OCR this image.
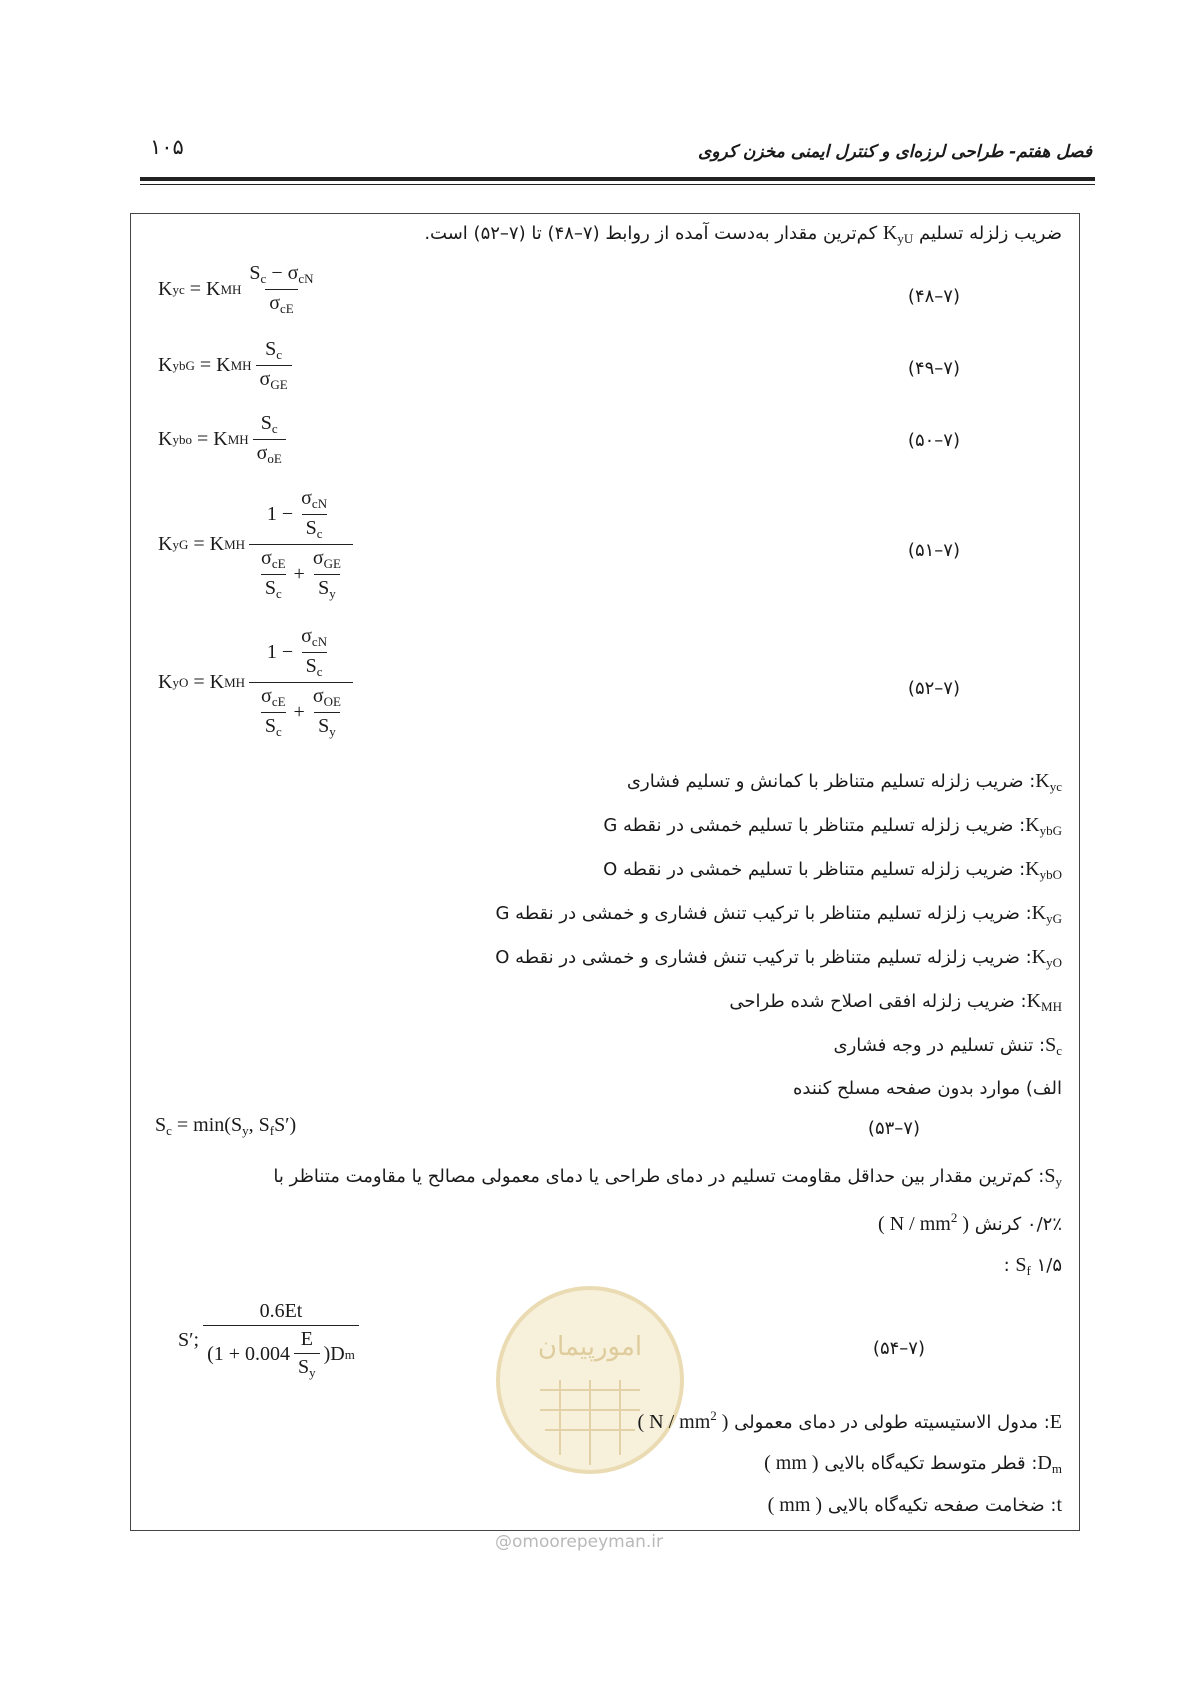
۱۰۵	فصل هفتم- طراحی لرزه‌ای و کنترل ایمنی مخزن کروی
ضریب زلزله تسلیم $K_{yU}$ کم‌ترین مقدار به‌دست آمده از روابط (۷–۴۸) تا (۷–۵۲) است.
K yc = K MH $\frac{S_c - \sigma_{cN}}{\sigma_{cE}}$	(۷–۴۸)
K ybG = K MH $\frac{S_c}{\sigma_{GE}}$	(۷–۴۹)
K ybo = K MH $\frac{S_c}{\sigma_{oE}}$	(۷–۵۰)
K yG = K MH $\frac{1 - \frac{\sigma_{cN}}{S_c}}{\frac{\sigma_{cE}}{S_c} + \frac{\sigma_{GE}}{S_y}}$	(۷–۵۱)
K yO = K MH $\frac{1 - \frac{\sigma_{cN}}{S_c}}{\frac{\sigma_{cE}}{S_c} + \frac{\sigma_{OE}}{S_y}}$	(۷–۵۲)
$K_{yc}$: ضریب زلزله تسلیم متناظر با کمانش و تسلیم فشاری
$K_{ybG}$: ضریب زلزله تسلیم متناظر با تسلیم خمشی در نقطه G
$K_{ybO}$: ضریب زلزله تسلیم متناظر با تسلیم خمشی در نقطه O
$K_{yG}$: ضریب زلزله تسلیم متناظر با ترکیب تنش فشاری و خمشی در نقطه G
$K_{yO}$: ضریب زلزله تسلیم متناظر با ترکیب تنش فشاری و خمشی در نقطه O
$K_{MH}$: ضریب زلزله افقی اصلاح شده طراحی
$S_c$: تنش تسلیم در وجه فشاری
الف) موارد بدون صفحه مسلح کننده
$S_c = \min(S_y$, $S_fS'$)	(۷–۵۳)
$S_y$: کم‌ترین مقدار بین حداقل مقاومت تسلیم در دمای طراحی یا دمای معمولی مصالح یا مقاومت متناظر با
۰/۲٪ کرنش ( N / $mm^2$ )
$S_f$ ۱/۵ :
S′; $\frac{0.6Et}{(1 + 0.004 \frac{E}{S_y} )D m}$	(۷–۵۴)
امورپیمان
E: مدول الاستیسیته طولی در دمای معمولی ( N / $mm^2$ )
$D_m$: قطر متوسط تکیه‌گاه بالایی ( mm )
t: ضخامت صفحه تکیه‌گاه بالایی ( mm )
@omoorepeyman.ir
